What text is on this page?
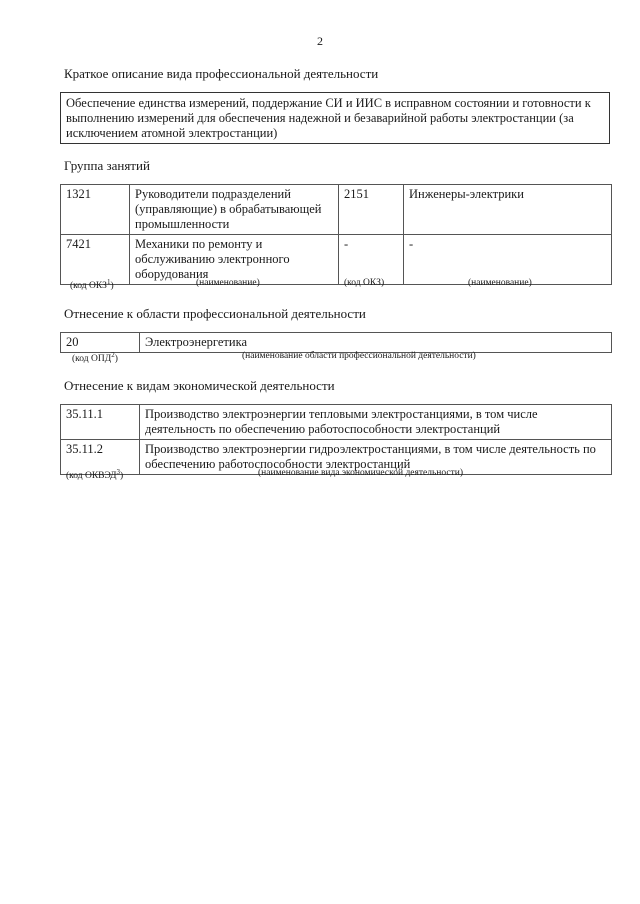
2
Краткое описание вида профессиональной деятельности
Обеспечение единства измерений, поддержание СИ и ИИС в исправном состоянии и готовности к выполнению измерений для обеспечения надежной и безаварийной работы электростанции (за исключением атомной электростанции)
Группа занятий
1321	Руководители подразделений (управляющие) в обрабатывающей промышленности	2151	Инженеры-электрики
7421	Механики по ремонту и обслуживанию электронного оборудования	-	-
(код ОКЗ$^1$)	(наименование)	(код ОКЗ)	(наименование)
Отнесение к области профессиональной деятельности
20	Электроэнергетика
(код ОПД$^2$)	(наименование области профессиональной деятельности)
Отнесение к видам экономической деятельности
35.11.1	Производство электроэнергии тепловыми электростанциями, в том числе деятельность по обеспечению работоспособности электростанций
35.11.2	Производство электроэнергии гидроэлектростанциями, в том числе деятельность по обеспечению работоспособности электростанций
(код ОКВЭД$^3$)	(наименование вида экономической деятельности)
